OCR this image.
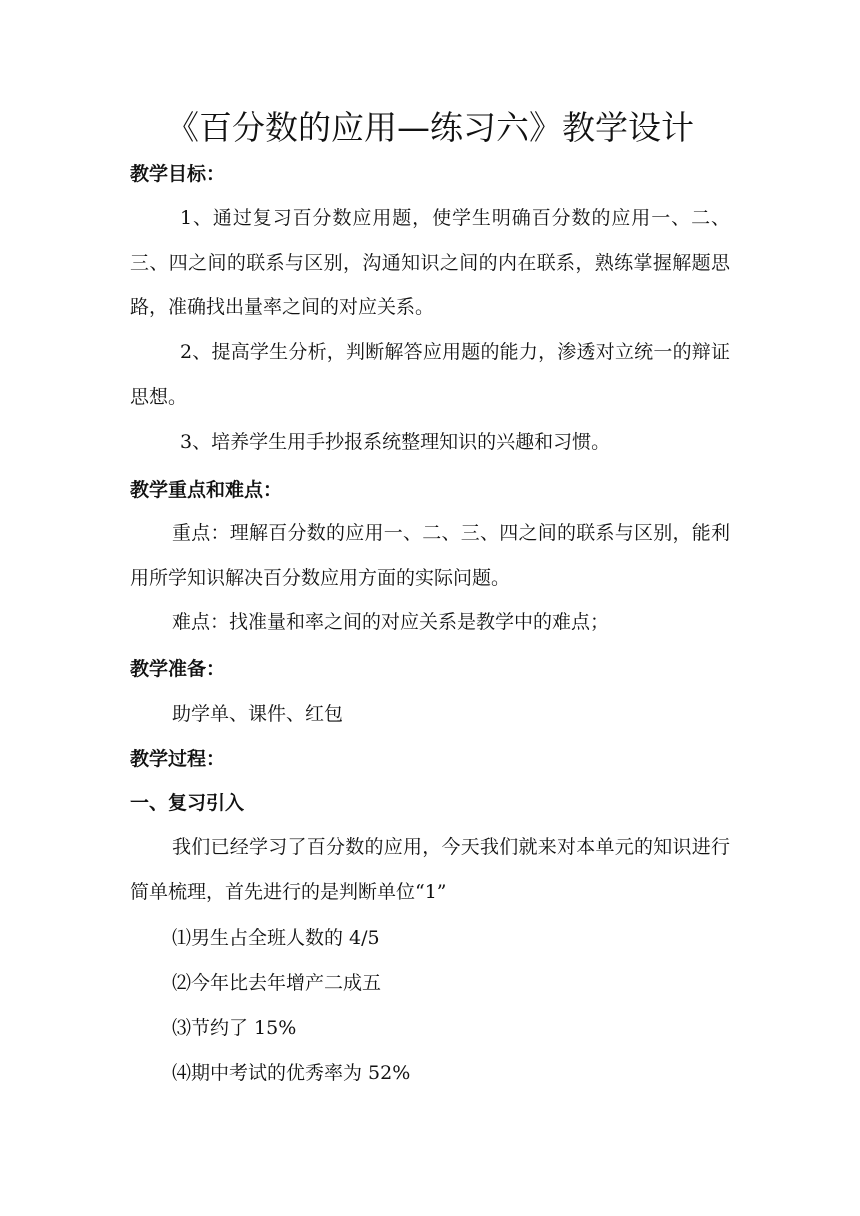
《百分数的应用—练习六》教学设计
教学目标：
1、通过复习百分数应用题，使学生明确百分数的应用一、二、三、四之间的联系与区别，沟通知识之间的内在联系，熟练掌握解题思路，准确找出量率之间的对应关系。
2、提高学生分析，判断解答应用题的能力，渗透对立统一的辩证思想。
3、培养学生用手抄报系统整理知识的兴趣和习惯。
教学重点和难点：
重点：理解百分数的应用一、二、三、四之间的联系与区别，能利用所学知识解决百分数应用方面的实际问题。
难点：找准量和率之间的对应关系是教学中的难点；
教学准备：
助学单、课件、红包
教学过程：
一、复习引入
我们已经学习了百分数的应用，今天我们就来对本单元的知识进行简单梳理，首先进行的是判断单位“1”
⑴男生占全班人数的 4/5
⑵今年比去年增产二成五
⑶节约了 15%
⑷期中考试的优秀率为 52%
